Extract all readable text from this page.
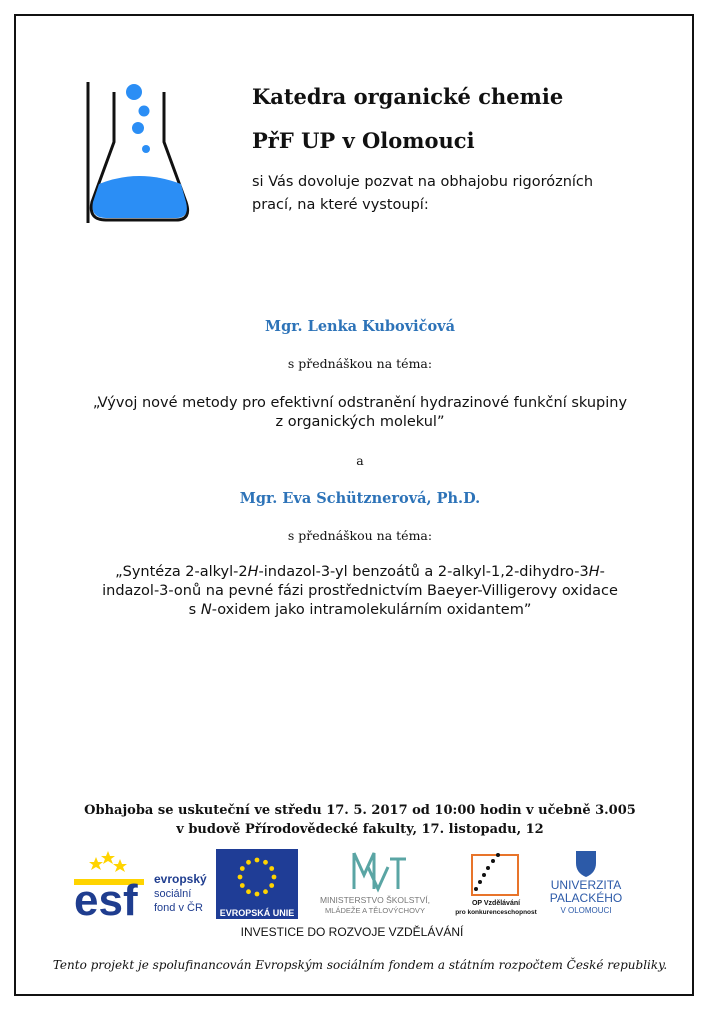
Katedra organické chemie
PřF UP v Olomouci
si Vás dovoluje pozvat na obhajobu rigorózních
prací, na které vystoupí:
Mgr. Lenka Kubovičová
s přednáškou na téma:
„Vývoj nové metody pro efektivní odstranění hydrazinové funkční skupiny
z organických molekul”
a
Mgr. Eva Schütznerová, Ph.D.
s přednáškou na téma:
„Syntéza 2-alkyl-2H-indazol-3-yl benzoátů a 2-alkyl-1,2-dihydro-3H-
indazol-3-onů na pevné fázi prostřednictvím Baeyer-Villigerovy oxidace
s N-oxidem jako intramolekulárním oxidantem”
Obhajoba se uskuteční ve středu 17. 5. 2017 od 10:00 hodin v učebně 3.005
v budově Přírodovědecké fakulty, 17. listopadu, 12
esf evropský
sociální
fond v ČR EVROPSKÁ UNIE
MINISTERSTVO ŠKOLSTVÍ,
MLÁDEŽE A TĚLOVÝCHOVY
OP Vzdělávání
pro konkurenceschopnost
UNIVERZITA
PALACKÉHO
V OLOMOUCI
INVESTICE DO ROZVOJE VZDĚLÁVÁNÍ
Tento projekt je spolufinancován Evropským sociálním fondem a státním rozpočtem České republiky.
